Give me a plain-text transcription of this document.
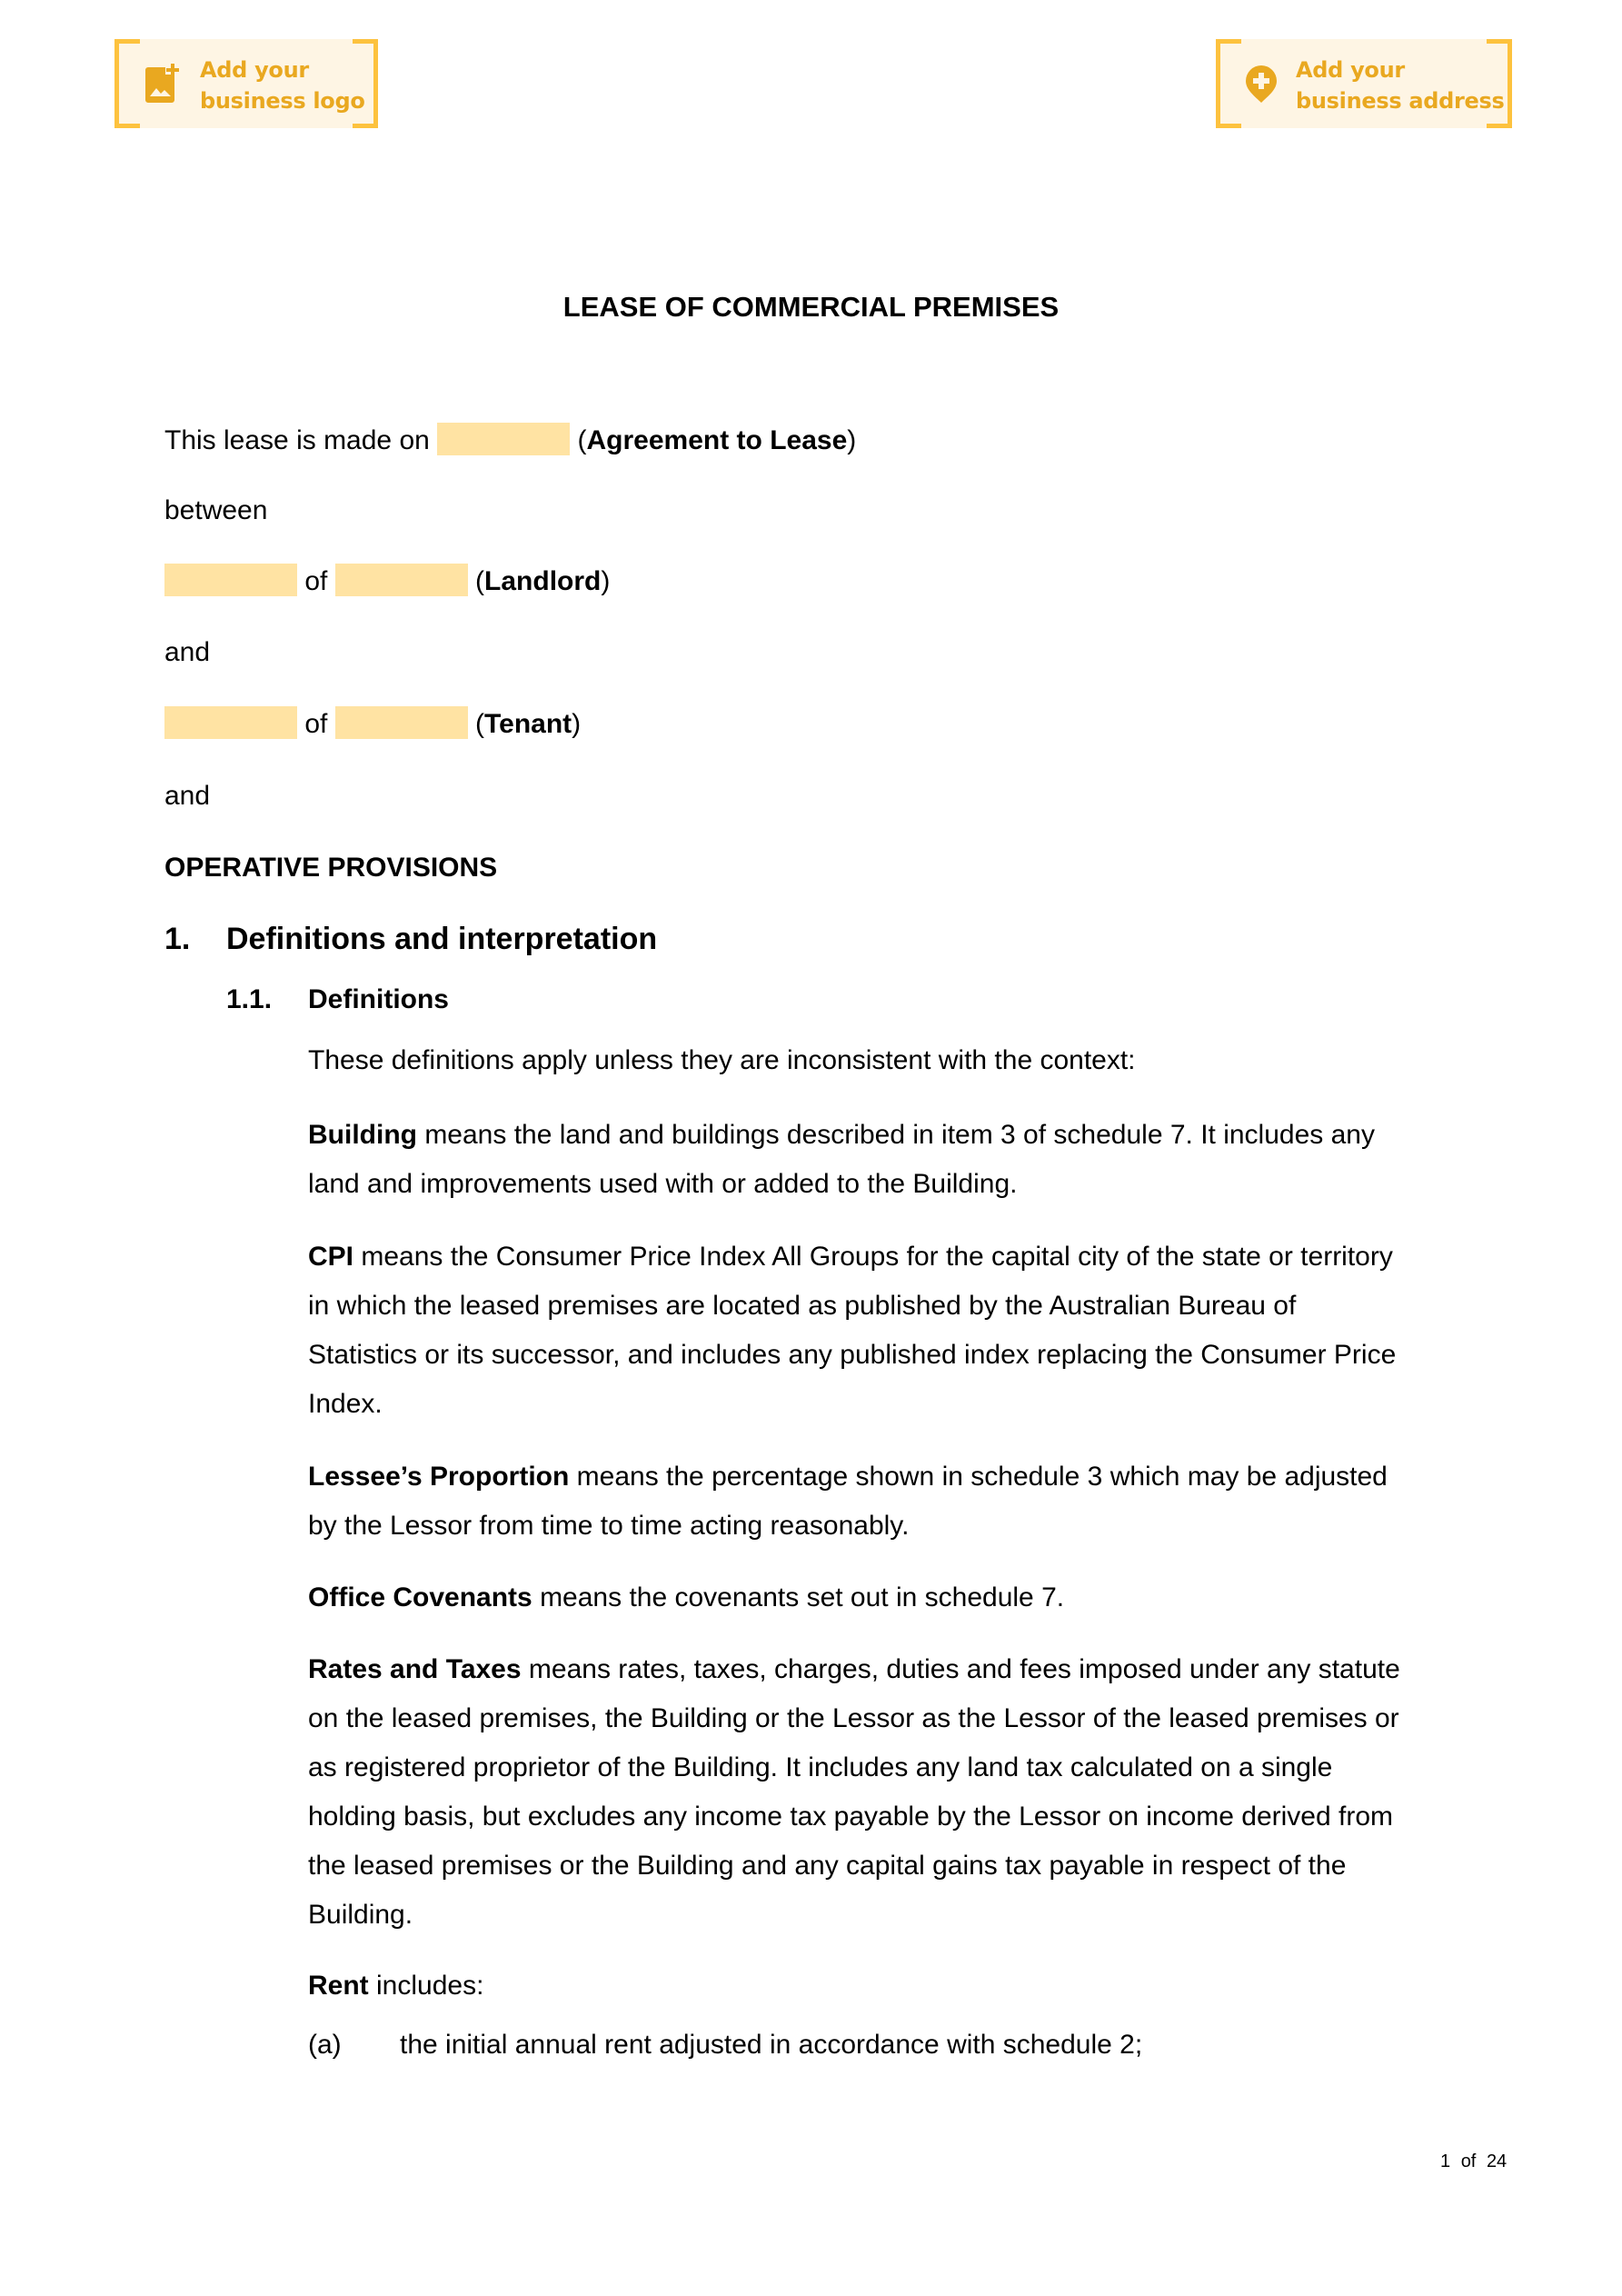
Add your
business logo
Add your
business address
LEASE OF COMMERCIAL PREMISES
This lease is made on	(Agreement to Lease)
between
of	(Landlord)
and
of	(Tenant)
and
OPERATIVE PROVISIONS
1. Definitions and interpretation
1.1. Definitions
These definitions apply unless they are inconsistent with the context:

Building means the land and buildings described in item 3 of schedule 7. It includes any
land and improvements used with or added to the Building.

CPI means the Consumer Price Index All Groups for the capital city of the state or territory
in which the leased premises are located as published by the Australian Bureau of
Statistics or its successor, and includes any published index replacing the Consumer Price
Index.

Lessee’s Proportion means the percentage shown in schedule 3 which may be adjusted
by the Lessor from time to time acting reasonably.

Office Covenants means the covenants set out in schedule 7.

Rates and Taxes means rates, taxes, charges, duties and fees imposed under any statute
on the leased premises, the Building or the Lessor as the Lessor of the leased premises or
as registered proprietor of the Building. It includes any land tax calculated on a single
holding basis, but excludes any income tax payable by the Lessor on income derived from
the leased premises or the Building and any capital gains tax payable in respect of the
Building.

Rent includes:

(a) the initial annual rent adjusted in accordance with schedule 2;
1 of 24
